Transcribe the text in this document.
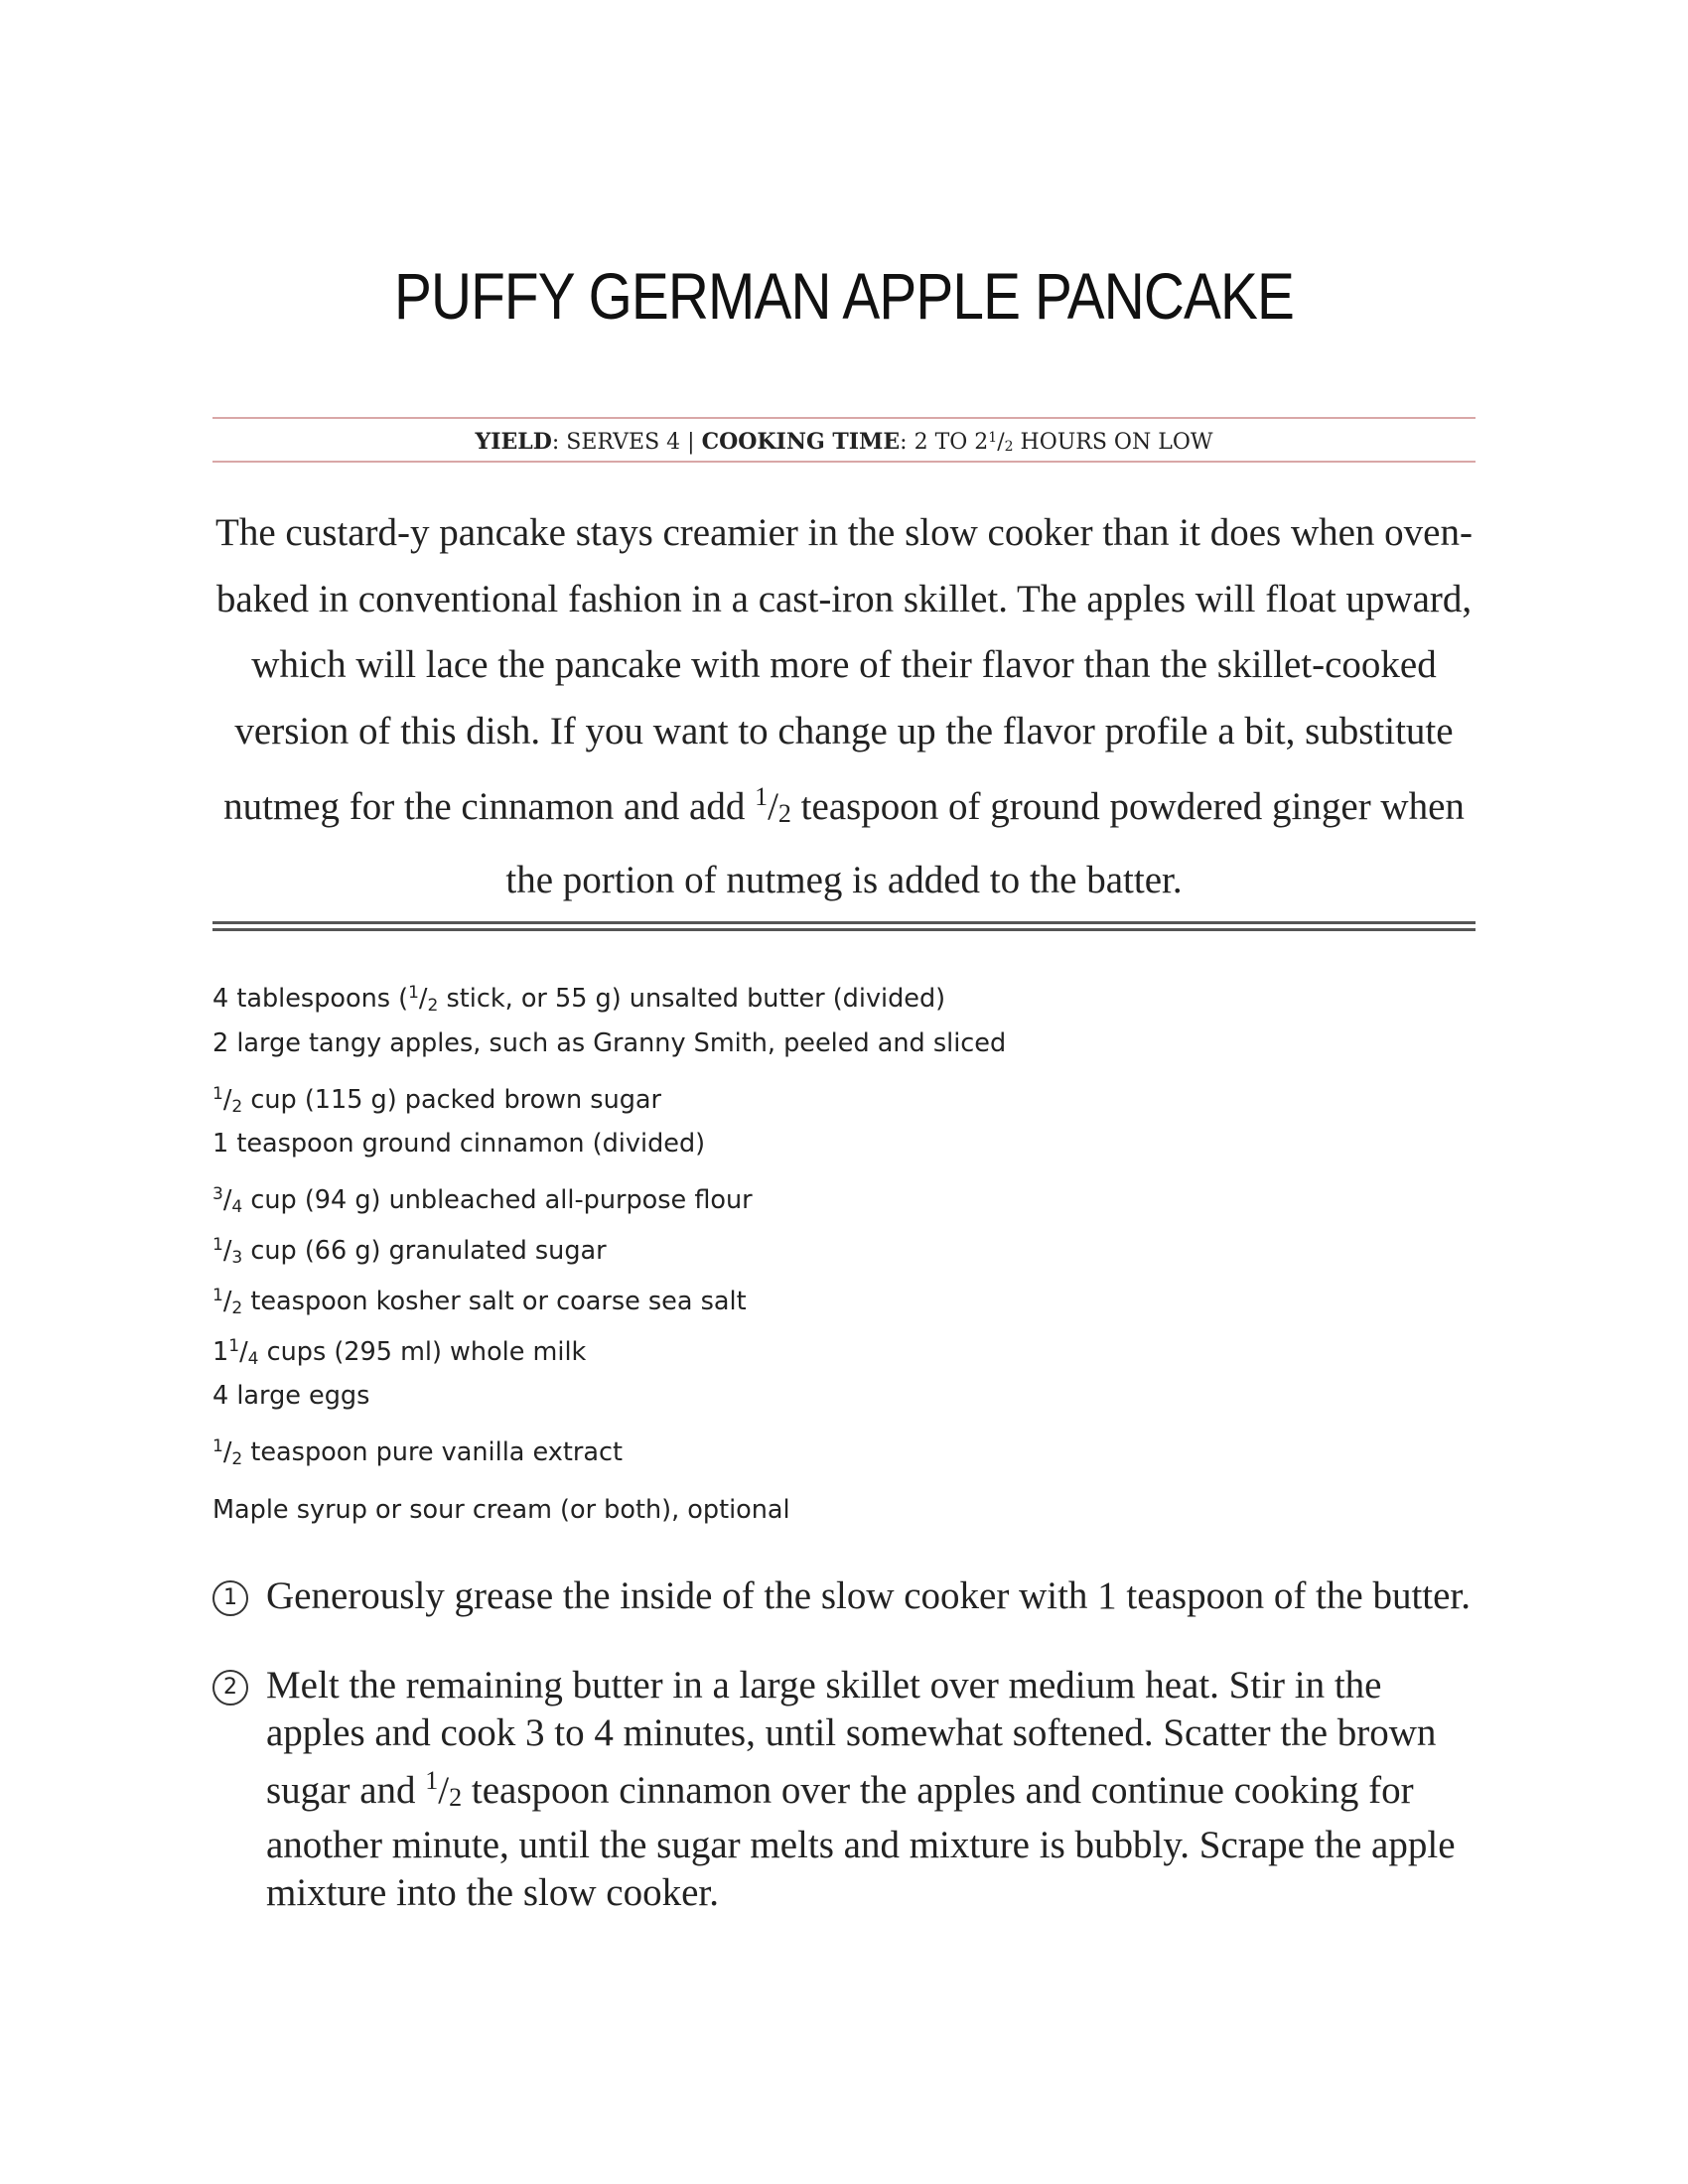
PUFFY GERMAN APPLE PANCAKE
YIELD: SERVES 4 | COOKING TIME: 2 TO $2^1/2$ HOURS ON LOW

The custard-y pancake stays creamier in the slow cooker than it does when oven-baked in conventional fashion in a cast-iron skillet. The apples will float upward, which will lace the pancake with more of their flavor than the skillet-cooked version of this dish. If you want to change up the flavor profile a bit, substitute nutmeg for the cinnamon and add $^1$/2 teaspoon of ground powdered ginger when the portion of nutmeg is added to the batter.

4 tablespoons ($^1$/2 stick, or 55 g) unsalted butter (divided)
2 large tangy apples, such as Granny Smith, peeled and sliced
$^1$/2 cup (115 g) packed brown sugar
1 teaspoon ground cinnamon (divided)
$^3$/4 cup (94 g) unbleached all-purpose flour
$^1$/3 cup (66 g) granulated sugar
$^1$/2 teaspoon kosher salt or coarse sea salt
$1^1/4$ cups (295 ml) whole milk
4 large eggs
$^1$/2 teaspoon pure vanilla extract
Maple syrup or sour cream (or both), optional
1 Generously grease the inside of the slow cooker with 1 teaspoon of the butter.
2 Melt the remaining butter in a large skillet over medium heat. Stir in the apples and cook 3 to 4 minutes, until somewhat softened. Scatter the brown sugar and $^1$/2 teaspoon cinnamon over the apples and continue cooking for another minute, until the sugar melts and mixture is bubbly. Scrape the apple mixture into the slow cooker.
